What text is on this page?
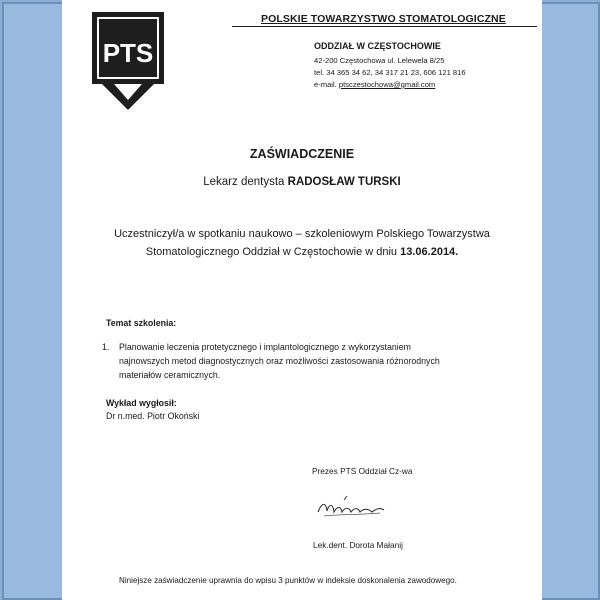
PTS
POLSKIE TOWARZYSTWO STOMATOLOGICZNE
ODDZIAŁ W CZĘSTOCHOWIE
42-200 Częstochowa ul. Lelewela 8/25
tel. 34 365 34 62, 34 317 21 23, 606 121 816
e-mail. ptsczestochowa@gmail.com
ZAŚWIADCZENIE
Lekarz dentysta RADOSŁAW TURSKI
Uczestniczył/a w spotkaniu naukowo – szkoleniowym Polskiego Towarzystwa
Stomatologicznego Oddział w Częstochowie w dniu 13.06.2014.
Temat szkolenia:
1. Planowanie leczenia protetycznego i implantologicznego z wykorzystaniem
najnowszych metod diagnostycznych oraz możliwości zastosowania różnorodnych
materiałów ceramicznych.
Wykład wygłosił:
Dr n.med. Piotr Okoński
Prezes PTS Oddział Cz-wa
Lek.dent. Dorota Małanij
Niniejsze zaświadczenie uprawnia do wpisu 3 punktów w indeksie doskonalenia zawodowego.
